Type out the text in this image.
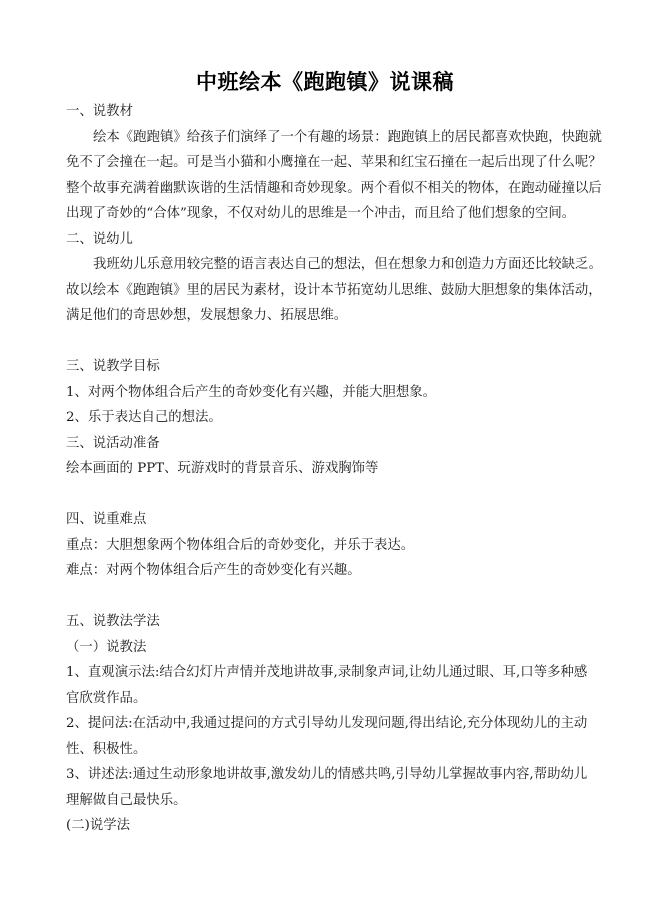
中班绘本《跑跑镇》说课稿
一、说教材
绘本《跑跑镇》给孩子们演绎了一个有趣的场景：跑跑镇上的居民都喜欢快跑，快跑就
免不了会撞在一起。可是当小猫和小鹰撞在一起、苹果和红宝石撞在一起后出现了什么呢？
整个故事充满着幽默诙谐的生活情趣和奇妙现象。两个看似不相关的物体，在跑动碰撞以后
出现了奇妙的“合体”现象，不仅对幼儿的思维是一个冲击，而且给了他们想象的空间。
二、说幼儿
我班幼儿乐意用较完整的语言表达自己的想法，但在想象力和创造力方面还比较缺乏。
故以绘本《跑跑镇》里的居民为素材，设计本节拓宽幼儿思维、鼓励大胆想象的集体活动，
满足他们的奇思妙想，发展想象力、拓展思维。
三、说教学目标
1、对两个物体组合后产生的奇妙变化有兴趣，并能大胆想象。
2、乐于表达自己的想法。
三、说活动准备
绘本画面的 PPT、玩游戏时的背景音乐、游戏胸饰等
四、说重难点
重点：大胆想象两个物体组合后的奇妙变化，并乐于表达。
难点：对两个物体组合后产生的奇妙变化有兴趣。
五、说教法学法
（一）说教法
1、直观演示法:结合幻灯片声情并茂地讲故事,录制象声词,让幼儿通过眼、耳,口等多种感
官欣赏作品。
2、提问法:在活动中,我通过提问的方式引导幼儿发现问题,得出结论,充分体现幼儿的主动
性、积极性。
3、讲述法:通过生动形象地讲故事,激发幼儿的情感共鸣,引导幼儿掌握故事内容,帮助幼儿
理解做自己最快乐。
(二)说学法
